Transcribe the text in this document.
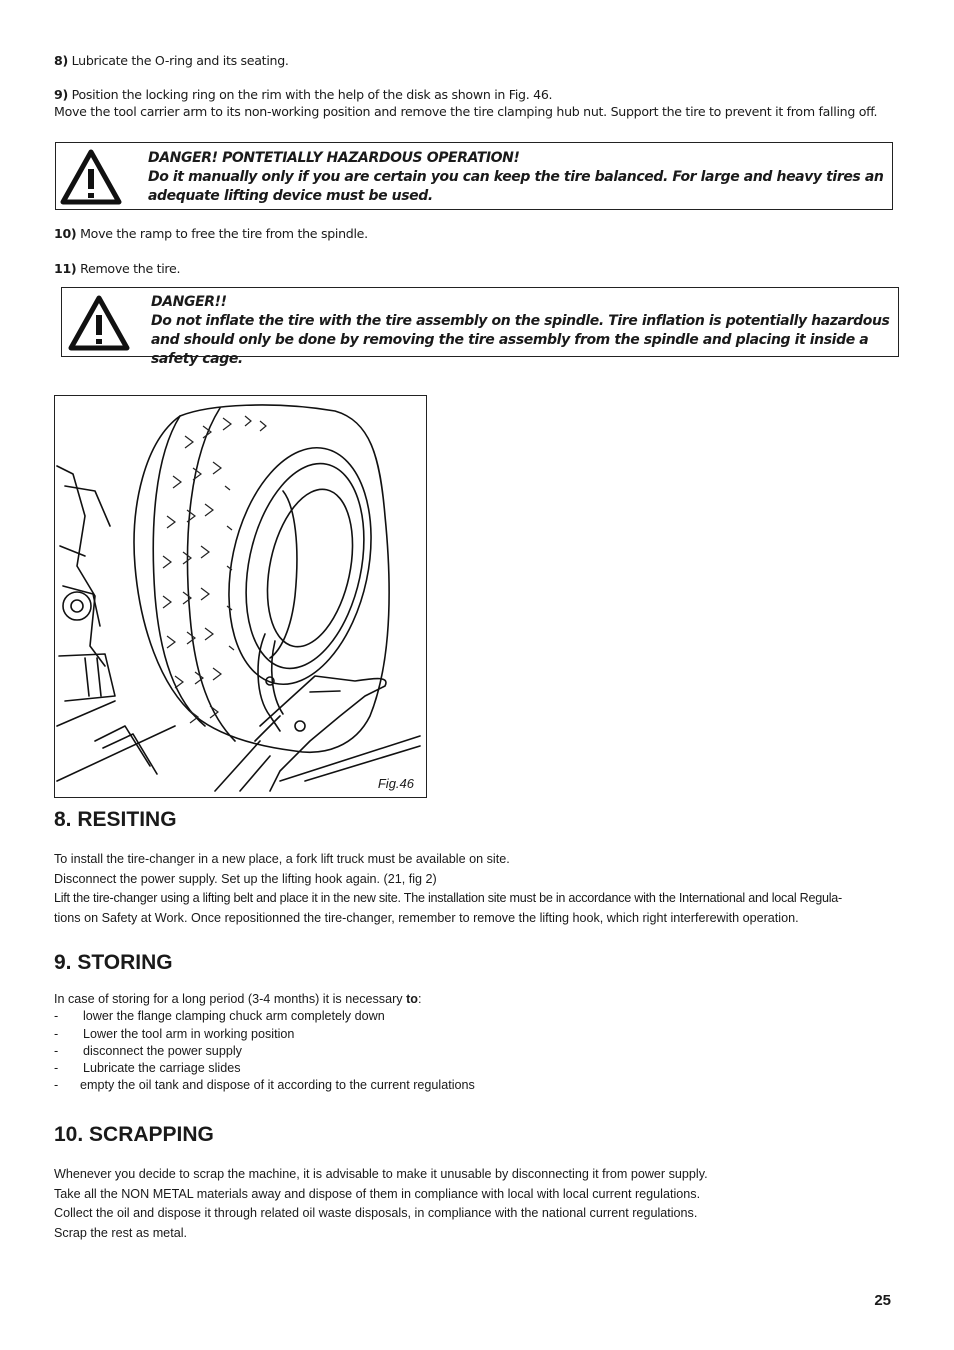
8) Lubricate the O-ring and its seating.
9) Position the locking ring on the rim with the help of the disk as shown in Fig. 46.
Move the tool carrier arm to its non-working position and remove the tire clamping hub nut. Support the tire to prevent it from falling off.
DANGER! PONTETIALLY HAZARDOUS OPERATION!
Do it manually only if you are certain you can keep the tire balanced. For large and heavy tires an adequate lifting device must be used.
10) Move the ramp to free the tire from the spindle.
11) Remove the tire.
DANGER!!
Do not inflate the tire with the tire assembly on the spindle. Tire inflation is potentially hazardous and should only be done by removing the tire assembly from the spindle and placing it inside a safety cage.
Fig.46
8. RESITING

To install the tire-changer in a new place, a fork lift truck must be available on site.

Disconnect the power supply. Set up the lifting hook again. (21, fig 2)

Lift the tire-changer using a lifting belt and place it in the new site. The installation site must be in accordance with the International and local Regula-

tions on Safety at Work. Once repositionned the tire-changer, remember to remove the lifting hook, which right interferewith operation.

9. STORING
In case of storing for a long period (3-4 months) it is necessary to:
- lower the flange clamping chuck arm completely down
- Lower the tool arm in working position
- disconnect the power supply
- Lubricate the carriage slides
- empty the oil tank and dispose of it according to the current regulations
10. SCRAPPING

Whenever you decide to scrap the machine, it is advisable to make it unusable by disconnecting it from power supply.

Take all the NON METAL materials away and dispose of them in compliance with local with local current regulations.

Collect the oil and dispose it through related oil waste disposals, in compliance with the national current regulations.

Scrap the rest as metal.

25
